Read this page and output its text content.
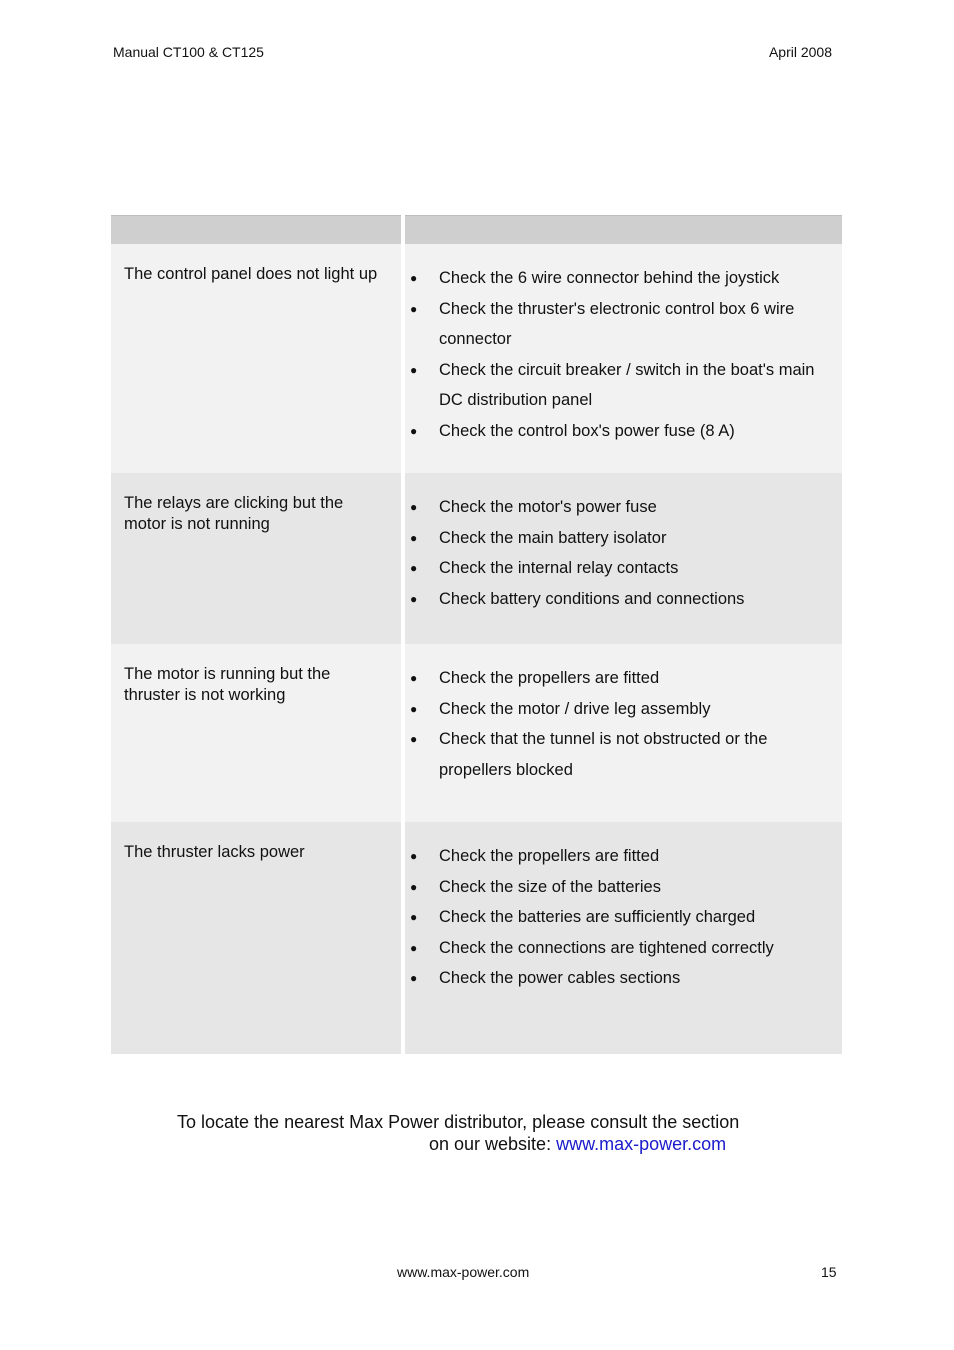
Manual CT100 & CT125	April 2008
The control panel does not light up	● Check the 6 wire connector behind the joystick
● Check the thruster's electronic control box 6 wire connector
● Check the circuit breaker / switch in the boat's main DC distribution panel
● Check the control box's power fuse (8 A)
The relays are clicking but the motor is not running
● Check the motor's power fuse
● Check the main battery isolator
● Check the internal relay contacts
● Check battery conditions and connections
The motor is running but the thruster is not working
● Check the propellers are fitted
● Check the motor / drive leg assembly
● Check that the tunnel is not obstructed or the propellers blocked
The thruster lacks power	● Check the propellers are fitted
● Check the size of the batteries
● Check the batteries are sufficiently charged
● Check the connections are tightened correctly
● Check the power cables sections
To locate the nearest Max Power distributor, please consult the section
on our website: www.max-power.com
www.max-power.com	15
